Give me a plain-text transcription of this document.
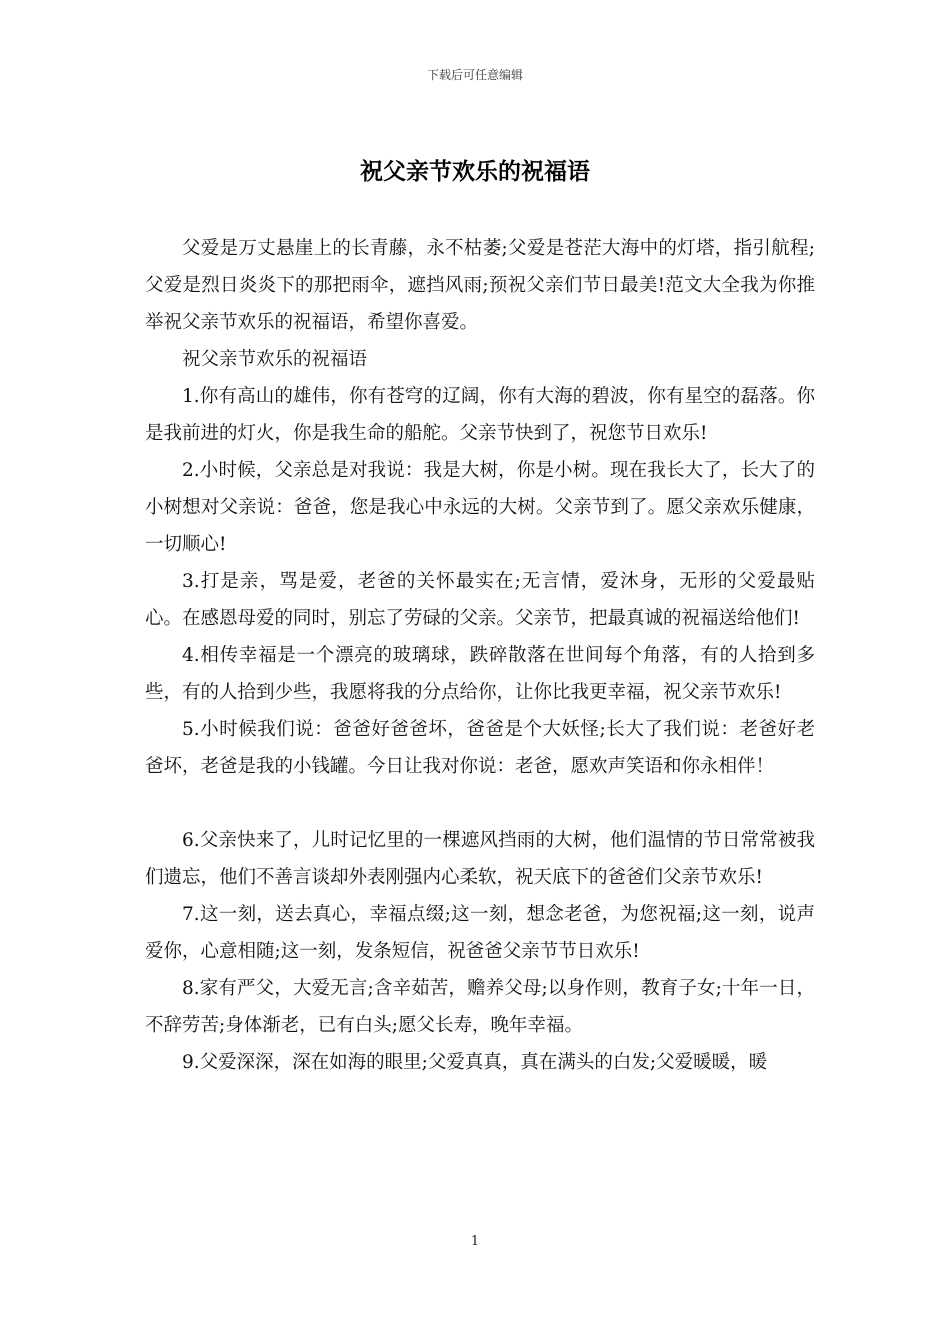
下载后可任意编辑
祝父亲节欢乐的祝福语

父爱是万丈悬崖上的长青藤，永不枯萎;父爱是苍茫大海中的灯塔，指引航程;父爱是烈日炎炎下的那把雨伞，遮挡风雨;预祝父亲们节日最美!范文大全我为你推举祝父亲节欢乐的祝福语，希望你喜爱。

祝父亲节欢乐的祝福语

1.你有高山的雄伟，你有苍穹的辽阔，你有大海的碧波，你有星空的磊落。你是我前进的灯火，你是我生命的船舵。父亲节快到了，祝您节日欢乐!

2.小时候，父亲总是对我说：我是大树，你是小树。现在我长大了，长大了的小树想对父亲说：爸爸，您是我心中永远的大树。父亲节到了。愿父亲欢乐健康，一切顺心!

3.打是亲，骂是爱，老爸的关怀最实在;无言情，爱沐身，无形的父爱最贴心。在感恩母爱的同时，别忘了劳碌的父亲。父亲节，把最真诚的祝福送给他们!

4.相传幸福是一个漂亮的玻璃球，跌碎散落在世间每个角落，有的人拾到多些，有的人拾到少些，我愿将我的分点给你，让你比我更幸福，祝父亲节欢乐!

5.小时候我们说：爸爸好爸爸坏，爸爸是个大妖怪;长大了我们说：老爸好老爸坏，老爸是我的小钱罐。今日让我对你说：老爸，愿欢声笑语和你永相伴！

6.父亲快来了，儿时记忆里的一棵遮风挡雨的大树，他们温情的节日常常被我们遗忘，他们不善言谈却外表刚强内心柔软，祝天底下的爸爸们父亲节欢乐!

7.这一刻，送去真心，幸福点缀;这一刻，想念老爸，为您祝福;这一刻，说声爱你，心意相随;这一刻，发条短信，祝爸爸父亲节节日欢乐!

8.家有严父，大爱无言;含辛茹苦，赡养父母;以身作则，教育子女;十年一日，不辞劳苦;身体渐老，已有白头;愿父长寿，晚年幸福。

9.父爱深深，深在如海的眼里;父爱真真，真在满头的白发;父爱暖暖，暖

1
